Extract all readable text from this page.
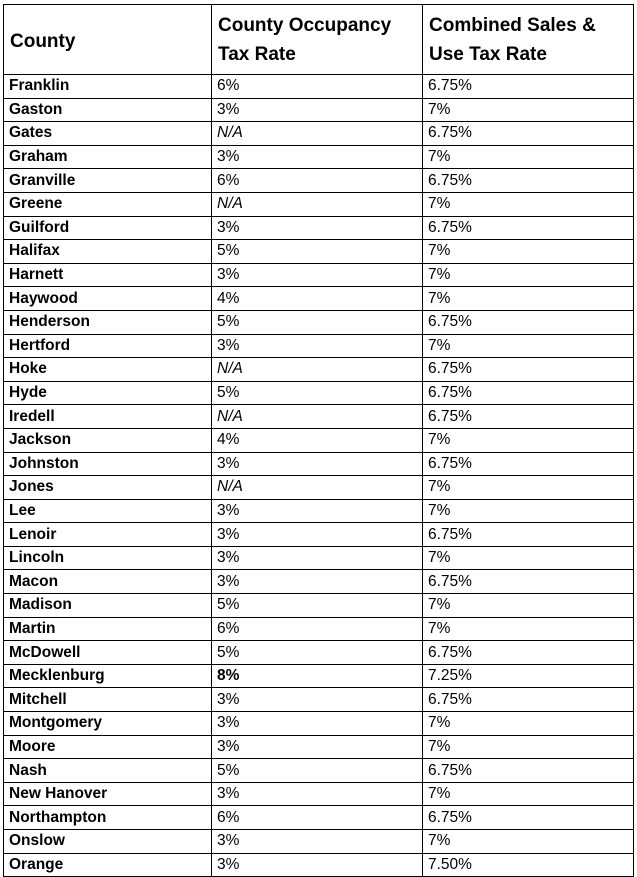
County	County Occupancy Tax Rate	Combined Sales & Use Tax Rate
Franklin	6%	6.75%
Gaston	3%	7%
Gates	N/A	6.75%
Graham	3%	7%
Granville	6%	6.75%
Greene	N/A	7%
Guilford	3%	6.75%
Halifax	5%	7%
Harnett	3%	7%
Haywood	4%	7%
Henderson	5%	6.75%
Hertford	3%	7%
Hoke	N/A	6.75%
Hyde	5%	6.75%
Iredell	N/A	6.75%
Jackson	4%	7%
Johnston	3%	6.75%
Jones	N/A	7%
Lee	3%	7%
Lenoir	3%	6.75%
Lincoln	3%	7%
Macon	3%	6.75%
Madison	5%	7%
Martin	6%	7%
McDowell	5%	6.75%
Mecklenburg	8%	7.25%
Mitchell	3%	6.75%
Montgomery	3%	7%
Moore	3%	7%
Nash	5%	6.75%
New Hanover	3%	7%
Northampton	6%	6.75%
Onslow	3%	7%
Orange	3%	7.50%
